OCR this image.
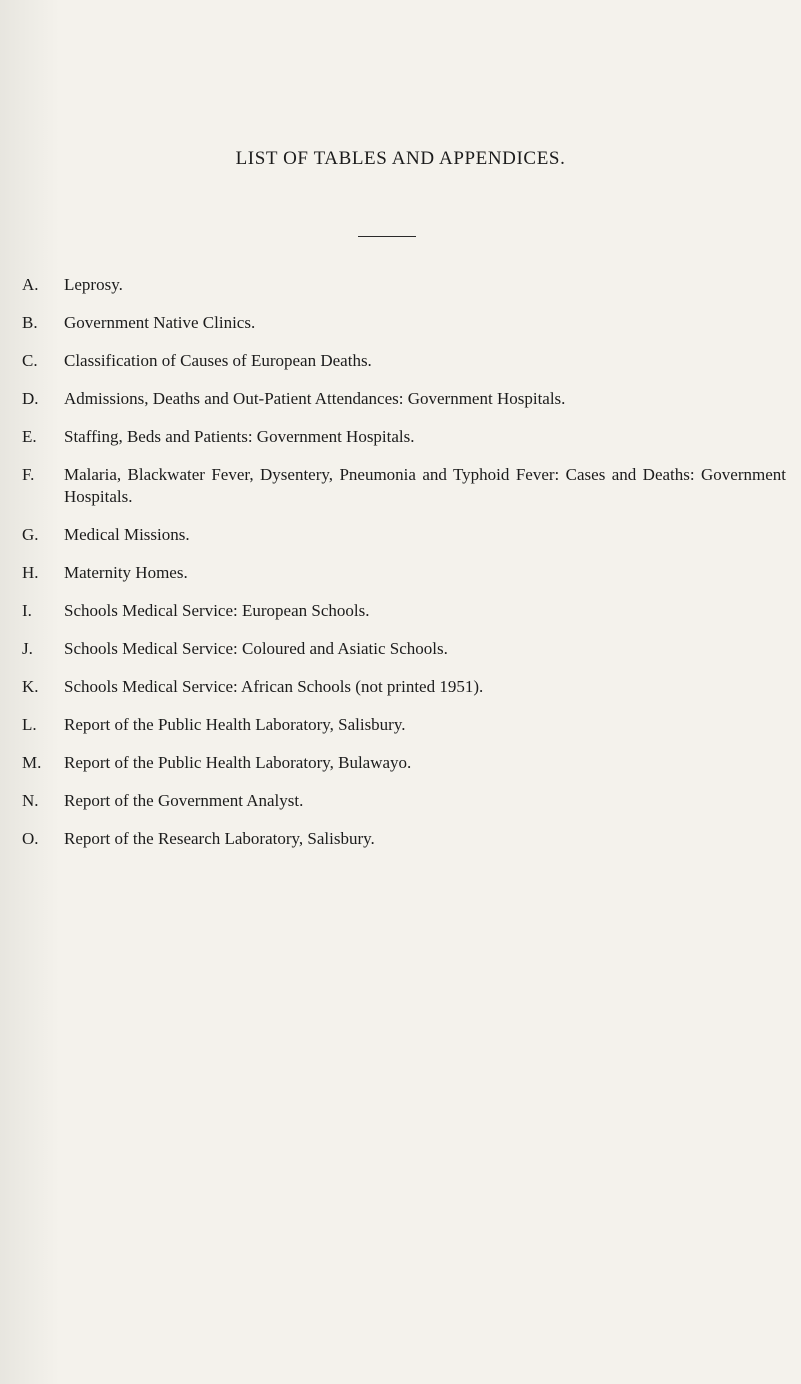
LIST OF TABLES AND APPENDICES.
A.	Leprosy.
B.	Government Native Clinics.
C.	Classification of Causes of European Deaths.
D.	Admissions, Deaths and Out-Patient Attendances: Government Hospitals.
E.	Staffing, Beds and Patients: Government Hospitals.
F.	Malaria, Blackwater Fever, Dysentery, Pneumonia and Typhoid Fever: Cases and Deaths: Government Hospitals.
G.	Medical Missions.
H.	Maternity Homes.
I.	Schools Medical Service: European Schools.
J.	Schools Medical Service: Coloured and Asiatic Schools.
K.	Schools Medical Service: African Schools (not printed 1951).
L.	Report of the Public Health Laboratory, Salisbury.
M.	Report of the Public Health Laboratory, Bulawayo.
N.	Report of the Government Analyst.
O.	Report of the Research Laboratory, Salisbury.
